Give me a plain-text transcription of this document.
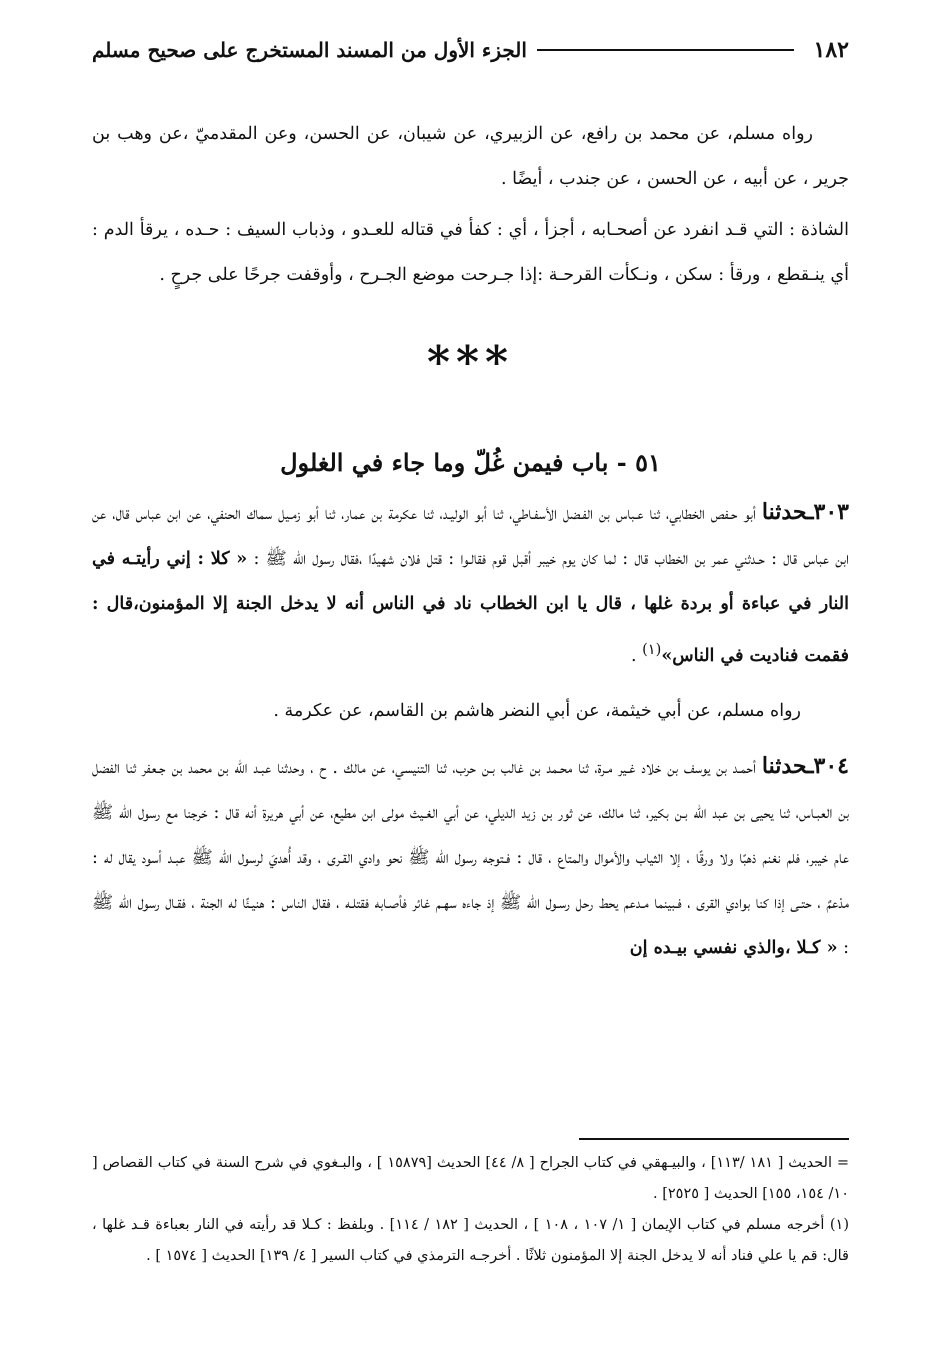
١٨٢
الجزء الأول من المسند المستخرج على صحيح مسلم

رواه مسلم، عن محمد بن رافع، عن الزبيري، عن شيبان، عن الحسن، وعن المقدميّ ،عن وهب بن جرير ، عن أبيه ، عن الحسن ، عن جندب ، أيضًا .

الشاذة : التي قـد انفرد عن أصحـابه ، أجزأ ، أي : كفأ في قتاله للعـدو ، وذباب السيف : حـده ، يرقأ الدم : أي ينـقطع ، ورقأ : سكن ، ونـكأت القرحـة :إذا جـرحت موضع الجـرح ، وأوقفت جرحًا على جرحٍ .

***
٥١ - باب فيمن غُلّ وما جاء في الغلول

٣٠٣ـحدثنا أبو حـفص الخطابي، ثنا عـباس بن الفـضل الأسفـاطي، ثنا أبو الوليـد، ثنا عكرمة بن عمار، ثنا أبو زمـيل سماك الحنفي، عن ابن عباس قال، عن ابن عباس قال : حـدثني عمر بن الخطاب قال : لما كان يوم خيبر أقبل قوم فقالـوا : قتل فلان شهيدًا ،فقال رسول الله ﷺ : « كلا : إني رأيتـه في النار في عباءة أو بردة غلها ، قال يا ابن الخطاب ناد في الناس أنه لا يدخل الجنة إلا المؤمنون،قال : فقمت فناديت في الناس»$^{(١)}$ .

رواه مسلم، عن أبي خيثمة، عن أبي النضر هاشم بن القاسم، عن عكرمة .

٣٠٤ـحدثنا أحمـد بن يوسف بن خلاد غـير مـرة، ثنا محـمد بن غالب بـن حرب، ثنا التنيسي، عن مالك . ح ، وحدثنا عبـد الله بن محمد بن جـعفر ثنا الفضل بن العبـاس، ثنا يحيى بن عبد الله بـن بكير، ثنا مالك، عن ثور بن زيد الديلي، عن أبي الغـيث مولى ابن مطيع، عن أبي هريرة أنه قال : خرجنا مع رسول الله ﷺ عام خيبر، فلم نغنم ذهبًا ولا ورقًا ، إلا الثياب والأموال والمتاع ، قال : فـتوجه رسول الله ﷺ نحو وادي القـرى ، وقد أُهديَ لرسول الله ﷺ عبـد أسود يقال له : مدْعمٌ ، حتـى إذا كنا بوادي القرى ، فـبينما مـدعم يحط رحل رسـول الله ﷺ إذ جاءه سهـم غائر فأصـابه فقتلـه ، فقال الناس : هنيـئًا له الجنة ، فقـال رسول الله ﷺ : « كـلا ،والذي نفسي بيـده إن

= الحديث [ ١٨١ /١١٣] ، والبيـهقي في كتاب الجراح [ ٨/ ٤٤] الحديث [١٥٨٧٩ ] ، والبـغوي في شرح السنة في كتاب القصاص [ ١٠/ ١٥٤، ١٥٥] الحديث [ ٢٥٢٥] .

(١) أخرجه مسلم في كتاب الإيمان [ ١/ ١٠٧ ، ١٠٨ ] ، الحديث [ ١٨٢ / ١١٤] . وبلفظ : كـلا قد رأيته في النار بعباءة قـد غلها ، قال: قم يا علي فناد أنه لا يدخل الجنة إلا المؤمنون ثلاثًا . أخرجـه الترمذي في كتاب السير [ ٤/ ١٣٩] الحديث [ ١٥٧٤ ] .
